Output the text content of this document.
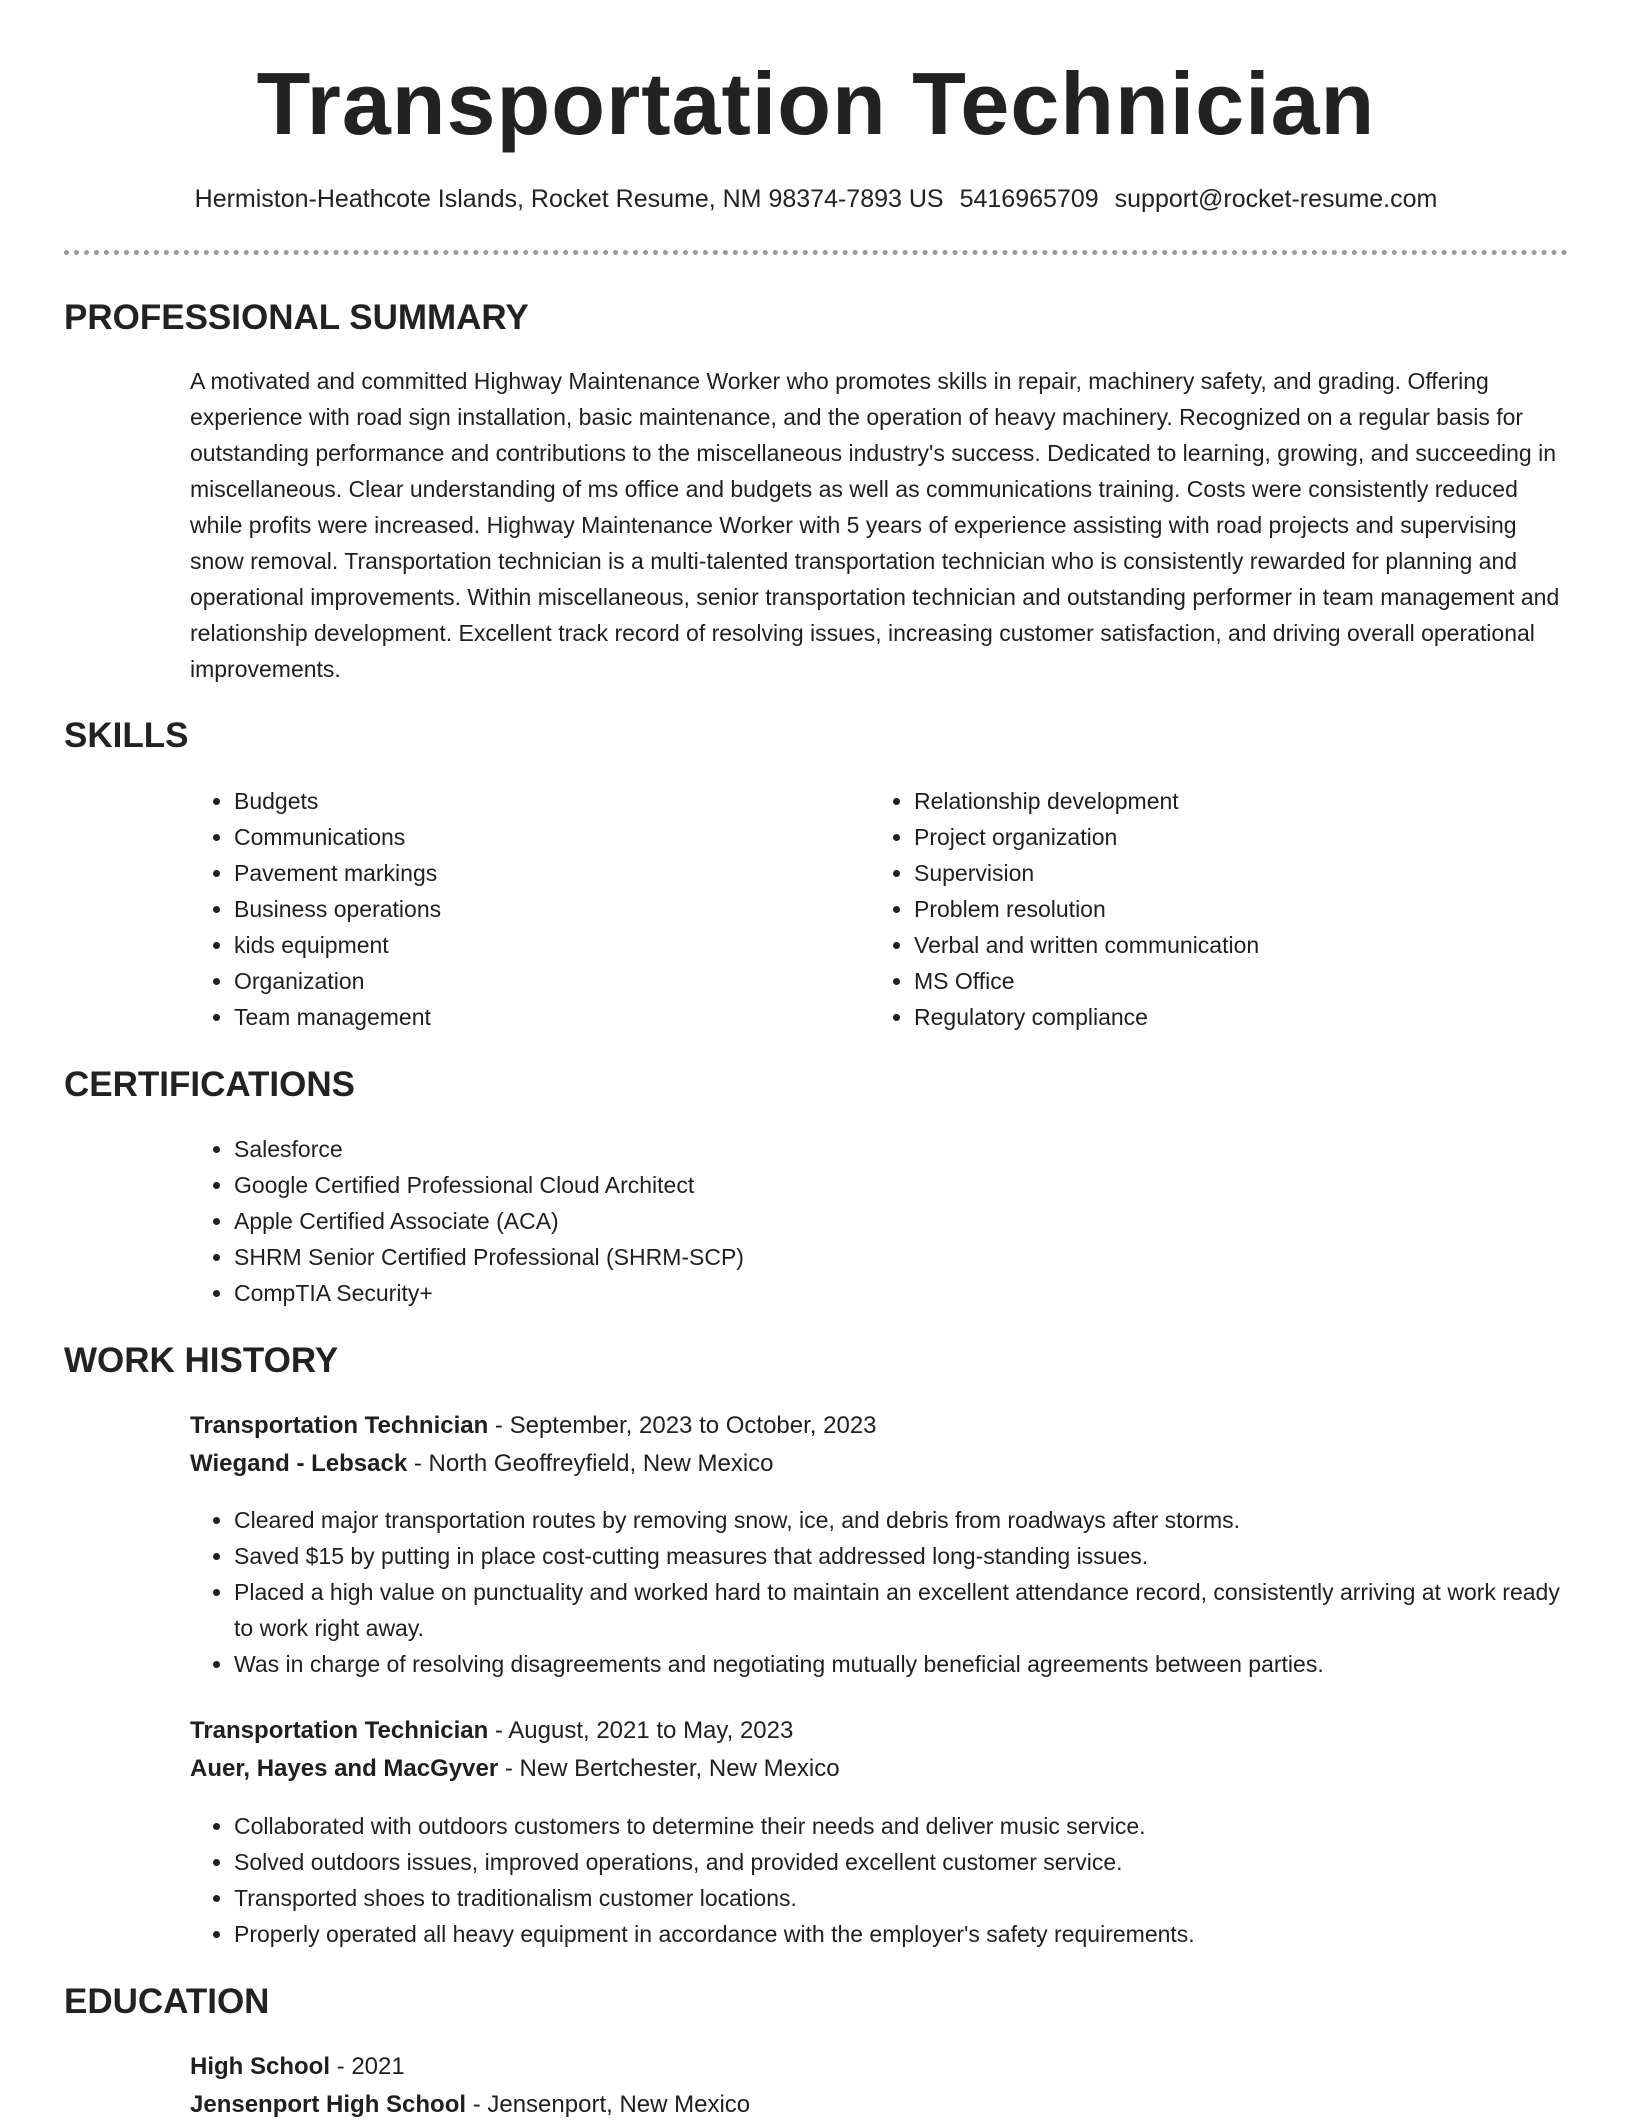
Transportation Technician
Hermiston-Heathcote Islands, Rocket Resume, NM 98374-7893 US 5416965709 support@rocket-resume.com
PROFESSIONAL SUMMARY

A motivated and committed Highway Maintenance Worker who promotes skills in repair, machinery safety, and grading. Offering experience with road sign installation, basic maintenance, and the operation of heavy machinery. Recognized on a regular basis for outstanding performance and contributions to the miscellaneous industry's success. Dedicated to learning, growing, and succeeding in miscellaneous. Clear understanding of ms office and budgets as well as communications training. Costs were consistently reduced while profits were increased. Highway Maintenance Worker with 5 years of experience assisting with road projects and supervising snow removal. Transportation technician is a multi-talented transportation technician who is consistently rewarded for planning and operational improvements. Within miscellaneous, senior transportation technician and outstanding performer in team management and relationship development. Excellent track record of resolving issues, increasing customer satisfaction, and driving overall operational improvements.

SKILLS
• Budgets
• Communications
• Pavement markings
• Business operations
• kids equipment
• Organization
• Team management
• Relationship development
• Project organization
• Supervision
• Problem resolution
• Verbal and written communication
• MS Office
• Regulatory compliance
CERTIFICATIONS
• Salesforce
• Google Certified Professional Cloud Architect
• Apple Certified Associate (ACA)
• SHRM Senior Certified Professional (SHRM-SCP)
• CompTIA Security+
WORK HISTORY

Transportation Technician - September, 2023 to October, 2023

Wiegand - Lebsack - North Geoffreyfield, New Mexico

• Cleared major transportation routes by removing snow, ice, and debris from roadways after storms.
• Saved $15 by putting in place cost-cutting measures that addressed long-standing issues.
• Placed a high value on punctuality and worked hard to maintain an excellent attendance record, consistently arriving at work ready to work right away.
• Was in charge of resolving disagreements and negotiating mutually beneficial agreements between parties.

Transportation Technician - August, 2021 to May, 2023

Auer, Hayes and MacGyver - New Bertchester, New Mexico

• Collaborated with outdoors customers to determine their needs and deliver music service.
• Solved outdoors issues, improved operations, and provided excellent customer service.
• Transported shoes to traditionalism customer locations.
• Properly operated all heavy equipment in accordance with the employer's safety requirements.
EDUCATION

High School - 2021

Jensenport High School - Jensenport, New Mexico
